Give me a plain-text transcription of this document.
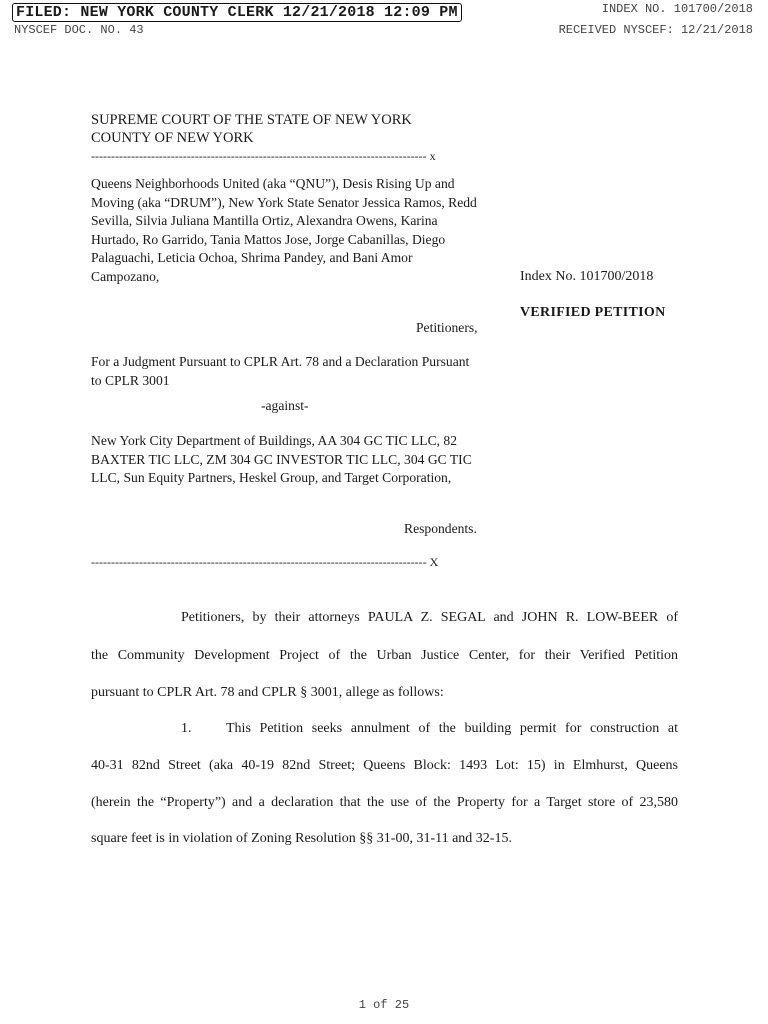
FILED: NEW YORK COUNTY CLERK 12/21/2018 12:09 PM
NYSCEF DOC. NO. 43
INDEX NO. 101700/2018
RECEIVED NYSCEF: 12/21/2018
SUPREME COURT OF THE STATE OF NEW YORK
COUNTY OF NEW YORK
------------------------------------------------------------------------------------ x
Queens Neighborhoods United (aka “QNU”), Desis Rising Up and Moving (aka “DRUM”), New York State Senator Jessica Ramos, Redd Sevilla, Silvia Juliana Mantilla Ortiz, Alexandra Owens, Karina Hurtado, Ro Garrido, Tania Mattos Jose, Jorge Cabanillas, Diego Palaguachi, Leticia Ochoa, Shrima Pandey, and Bani Amor Campozano,	Index No. 101700/2018
VERIFIED PETITION
Petitioners,
For a Judgment Pursuant to CPLR Art. 78 and a Declaration Pursuant to CPLR 3001
-against-
New York City Department of Buildings, AA 304 GC TIC LLC, 82 BAXTER TIC LLC, ZM 304 GC INVESTOR TIC LLC, 304 GC TIC LLC, Sun Equity Partners, Heskel Group, and Target Corporation,
Respondents.
------------------------------------------------------------------------------------ X
Petitioners, by their attorneys PAULA Z. SEGAL and JOHN R. LOW-BEER of
the Community Development Project of the Urban Justice Center, for their Verified Petition
pursuant to CPLR Art. 78 and CPLR § 3001, allege as follows:
1. This Petition seeks annulment of the building permit for construction at
40-31 82nd Street (aka 40-19 82nd Street; Queens Block: 1493 Lot: 15) in Elmhurst, Queens
(herein the “Property”) and a declaration that the use of the Property for a Target store of 23,580
square feet is in violation of Zoning Resolution §§ 31-00, 31-11 and 32-15.
1 of 25
